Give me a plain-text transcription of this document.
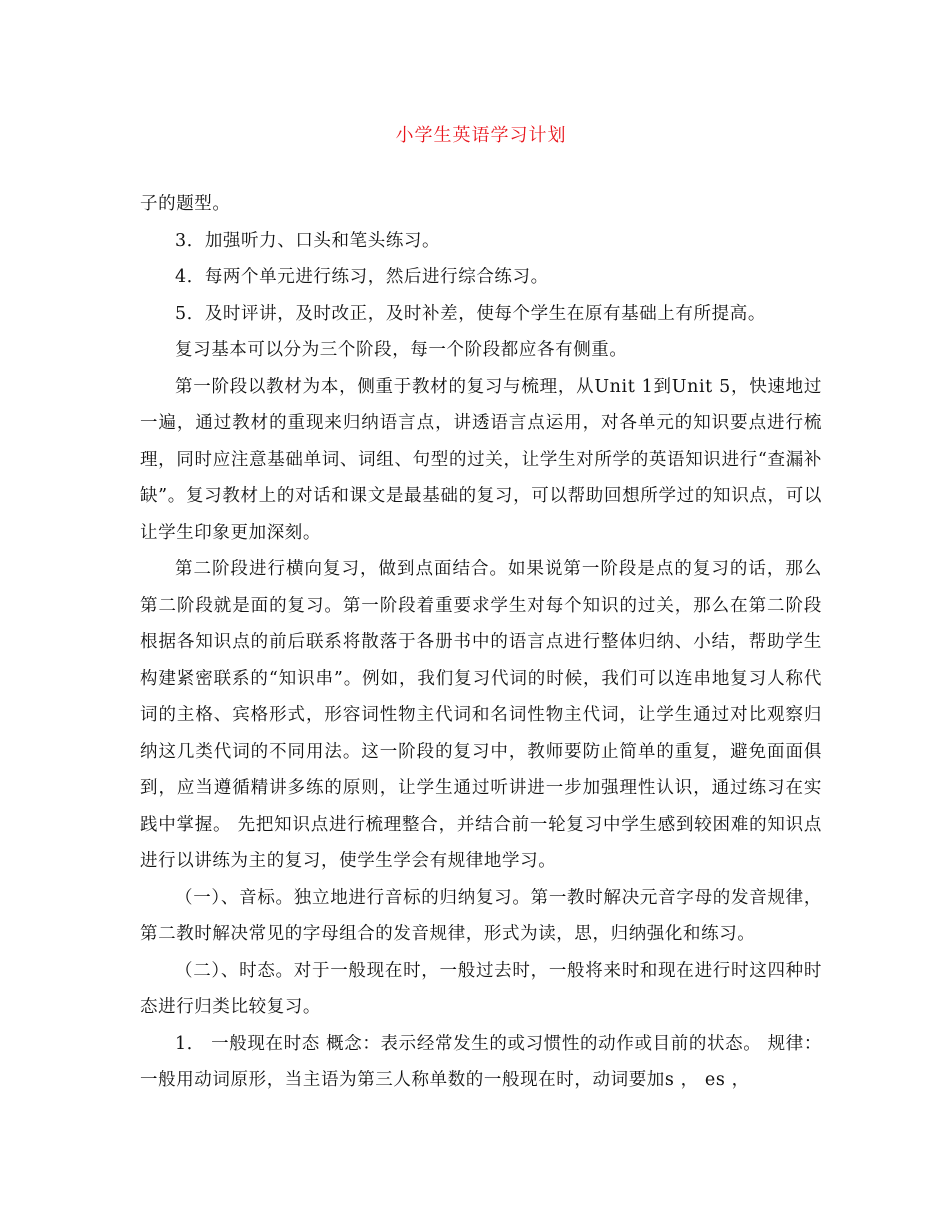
小学生英语学习计划

子的题型。

3．加强听力、口头和笔头练习。

4．每两个单元进行练习，然后进行综合练习。

5．及时评讲，及时改正，及时补差，使每个学生在原有基础上有所提高。

复习基本可以分为三个阶段，每一个阶段都应各有侧重。

第一阶段以教材为本，侧重于教材的复习与梳理，从Unit 1到Unit 5，快速地过一遍，通过教材的重现来归纳语言点，讲透语言点运用，对各单元的知识要点进行梳理，同时应注意基础单词、词组、句型的过关，让学生对所学的英语知识进行“查漏补缺”。复习教材上的对话和课文是最基础的复习，可以帮助回想所学过的知识点，可以让学生印象更加深刻。

第二阶段进行横向复习，做到点面结合。如果说第一阶段是点的复习的话，那么第二阶段就是面的复习。第一阶段着重要求学生对每个知识的过关，那么在第二阶段根据各知识点的前后联系将散落于各册书中的语言点进行整体归纳、小结，帮助学生构建紧密联系的“知识串”。例如，我们复习代词的时候，我们可以连串地复习人称代词的主格、宾格形式，形容词性物主代词和名词性物主代词，让学生通过对比观察归纳这几类代词的不同用法。这一阶段的复习中，教师要防止简单的重复，避免面面俱到，应当遵循精讲多练的原则，让学生通过听讲进一步加强理性认识，通过练习在实践中掌握。 先把知识点进行梳理整合，并结合前一轮复习中学生感到较困难的知识点进行以讲练为主的复习，使学生学会有规律地学习。

（一）、音标。独立地进行音标的归纳复习。第一教时解决元音字母的发音规律，第二教时解决常见的字母组合的发音规律，形式为读，思，归纳强化和练习。

（二）、时态。对于一般现在时，一般过去时，一般将来时和现在进行时这四种时态进行归类比较复习。

1． 一般现在时态 概念：表示经常发生的或习惯性的动作或目前的状态。 规律：一般用动词原形，当主语为第三人称单数的一般现在时，动词要加s ， es ，
